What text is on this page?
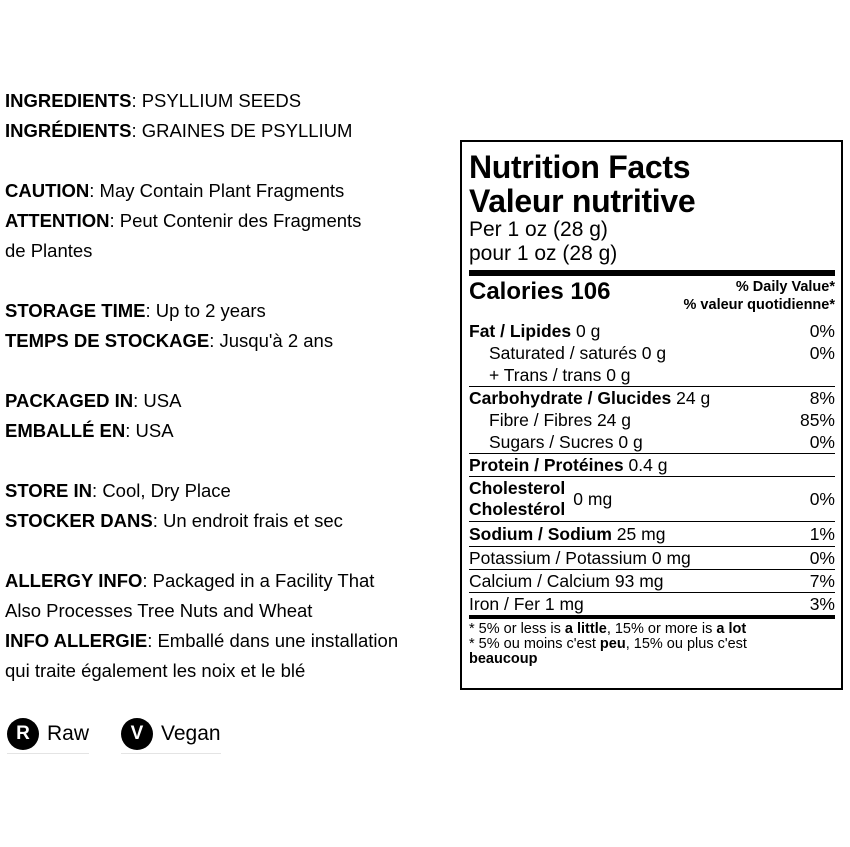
INGREDIENTS: PSYLLIUM SEEDS
INGRÉDIENTS: GRAINES DE PSYLLIUM
CAUTION: May Contain Plant Fragments
ATTENTION: Peut Contenir des Fragments
de Plantes
STORAGE TIME: Up to 2 years
TEMPS DE STOCKAGE: Jusqu'à 2 ans
PACKAGED IN: USA
EMBALLÉ EN: USA
STORE IN: Cool, Dry Place
STOCKER DANS: Un endroit frais et sec
ALLERGY INFO: Packaged in a Facility That
Also Processes Tree Nuts and Wheat
INFO ALLERGIE: Emballé dans une installation
qui traite également les noix et le blé
R Raw	V Vegan
Nutrition Facts
Valeur nutritive
Per 1 oz (28 g)
pour 1 oz (28 g)
Calories 106	% Daily Value*
% valeur quotidienne*
Fat / Lipides 0 g	0%
Saturated / saturés 0 g	0%
+ Trans / trans 0 g
Carbohydrate / Glucides 24 g	8%
Fibre / Fibres 24 g	85%
Sugars / Sucres 0 g	0%
Protein / Protéines 0.4 g
Cholesterol
Cholestérol
0 mg	0%
Sodium / Sodium 25 mg	1%
Potassium / Potassium 0 mg	0%
Calcium / Calcium 93 mg	7%
Iron / Fer 1 mg	3%
* 5% or less is a little, 15% or more is a lot
* 5% ou moins c'est peu, 15% ou plus c'est
beaucoup
